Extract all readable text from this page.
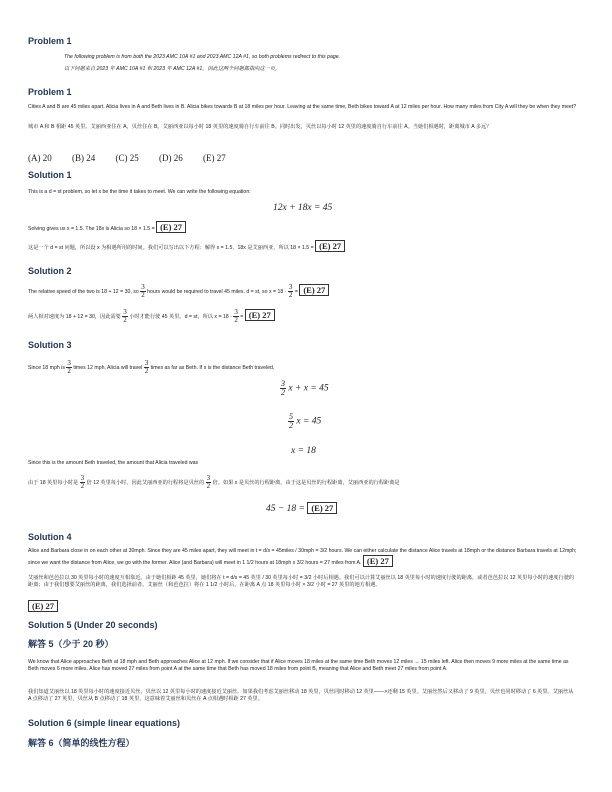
Problem 1
The following problem is from both the 2023 AMC 10A #1 and 2023 AMC 12A #1, so both problems redirect to this page.
以下问题来自 2023 年 AMC 10A #1 和 2023 年 AMC 12A #1，因此这两个问题都指向这一页。
Problem 1
Cities A and B are 45 miles apart. Alicia lives in A and Beth lives in B. Alicia bikes towards B at 18 miles per hour. Leaving at the same time, Beth bikes toward A at 12 miles per hour. How many miles from City A will they be when they meet?
城市 A 和 B 相距 45 英里。艾丽西亚住在 A，贝丝住在 B。艾丽西亚以每小时 18 英里的速度骑自行车前往 B。同时出发，贝丝以每小时 12 英里的速度骑自行车前往 A。当她们相遇时，距离城市 A 多远？
(A) 20 (B) 24 (C) 25 (D) 26 (E) 27
Solution 1
This is a d = st problem, so let x be the time it takes to meet. We can write the following equation:
12x + 18x = 45
Solving gives us x = 1.5. The 18x is Alicia so 18 × 1.5 = (E) 27
这是一个 d = st 问题，所以设 x 为相遇所用的时间。我们可以写出以下方程：解得 x = 1.5，18x 是艾丽西亚，所以 18 × 1.5 = (E) 27
Solution 2
The relative speed of the two is 18 + 12 = 30, so $\frac{3}{2}$ hours would be required to travel 45 miles. d = st, so $x = 18 \cdot \frac{3}{2} = (E)$ 27
两人相对速度为 18 + 12 = 30，因此需要 $\frac{3}{2}$ 小时才能行驶 45 英里。d = st，所以 $x = 18 \cdot \frac{3}{2} = (E)$ 27
Solution 3
Since 18 mph is $\frac{3}{2}$ times 12 mph, Alicia will travel $\frac{3}{2}$ times as far as Beth. If x is the distance Beth traveled,
$\frac{3}{2}$ x + x = 45
$\frac{5}{2}$ x = 45
x = 18
Since this is the amount Beth traveled, the amount that Alicia traveled was
由于 18 英里每小时是 $\frac{3}{2}$ 倍 12 英里每小时，因此艾丽西亚的行程将是贝丝的 $\frac{3}{2}$ 倍。如果 x 是贝丝的行程距离，由于这是贝丝的行程距离，艾丽西亚的行程距离是
45 − 18 = (E) 27
Solution 4
Alice and Barbara close in on each other at 30mph. Since they are 45 miles apart, they will meet in t = d/s = 45miles / 30mph = 3/2 hours. We can either calculate the distance Alice travels at 18mph or the distance Barbara travels at 12mph; since we want the distance from Alice, we go with the former. Alice (and Barbara) will meet in 1 1/2 hours at 18mph x 3/2 hours = 27 miles from A. (E) 27
艾丽丝和芭芭拉以 30 英里每小时的速度互相靠近。由于她们相距 45 英里，她们将在 t = d/s = 45 英里 / 30 英里每小时 = 3/2 小时后相遇。我们可以计算艾丽丝以 18 英里每小时的速度行驶的距离，或者芭芭拉以 12 英里每小时的速度行驶的距离；由于我们想要艾丽丝的距离，我们选择前者。艾丽丝（和芭芭拉）将在 1 1/2 小时后，在距离 A 点 18 英里每小时 × 3/2 小时 = 27 英里的地方相遇。
(E) 27
Solution 5 (Under 20 seconds)
解答 5（少于 20 秒）
We know that Alice approaches Beth at 18 mph and Beth approaches Alice at 12 mph. If we consider that if Alice moves 18 miles at the same time Beth moves 12 miles → 15 miles left. Alice then moves 9 more miles at the same time as Beth moves 6 more miles. Alice has moved 27 miles from point A at the same time that Beth has moved 18 miles from point B, meaning that Alice and Beth meet 27 miles from point A.
我们知道艾丽丝以 18 英里每小时的速度接近贝丝，贝丝以 12 英里每小时的速度接近艾丽丝。如果我们考虑艾丽丝移动 18 英里，贝丝同时移动 12 英里——>还剩 15 英里。艾丽丝然后又移动了 9 英里，贝丝也同时移动了 6 英里。艾丽丝从 A 点移动了 27 英里，贝丝从 B 点移动了 18 英里，这意味着艾丽丝和贝丝在 A 点相遇时相距 27 英里。
Solution 6 (simple linear equations)
解答 6（简单的线性方程）
